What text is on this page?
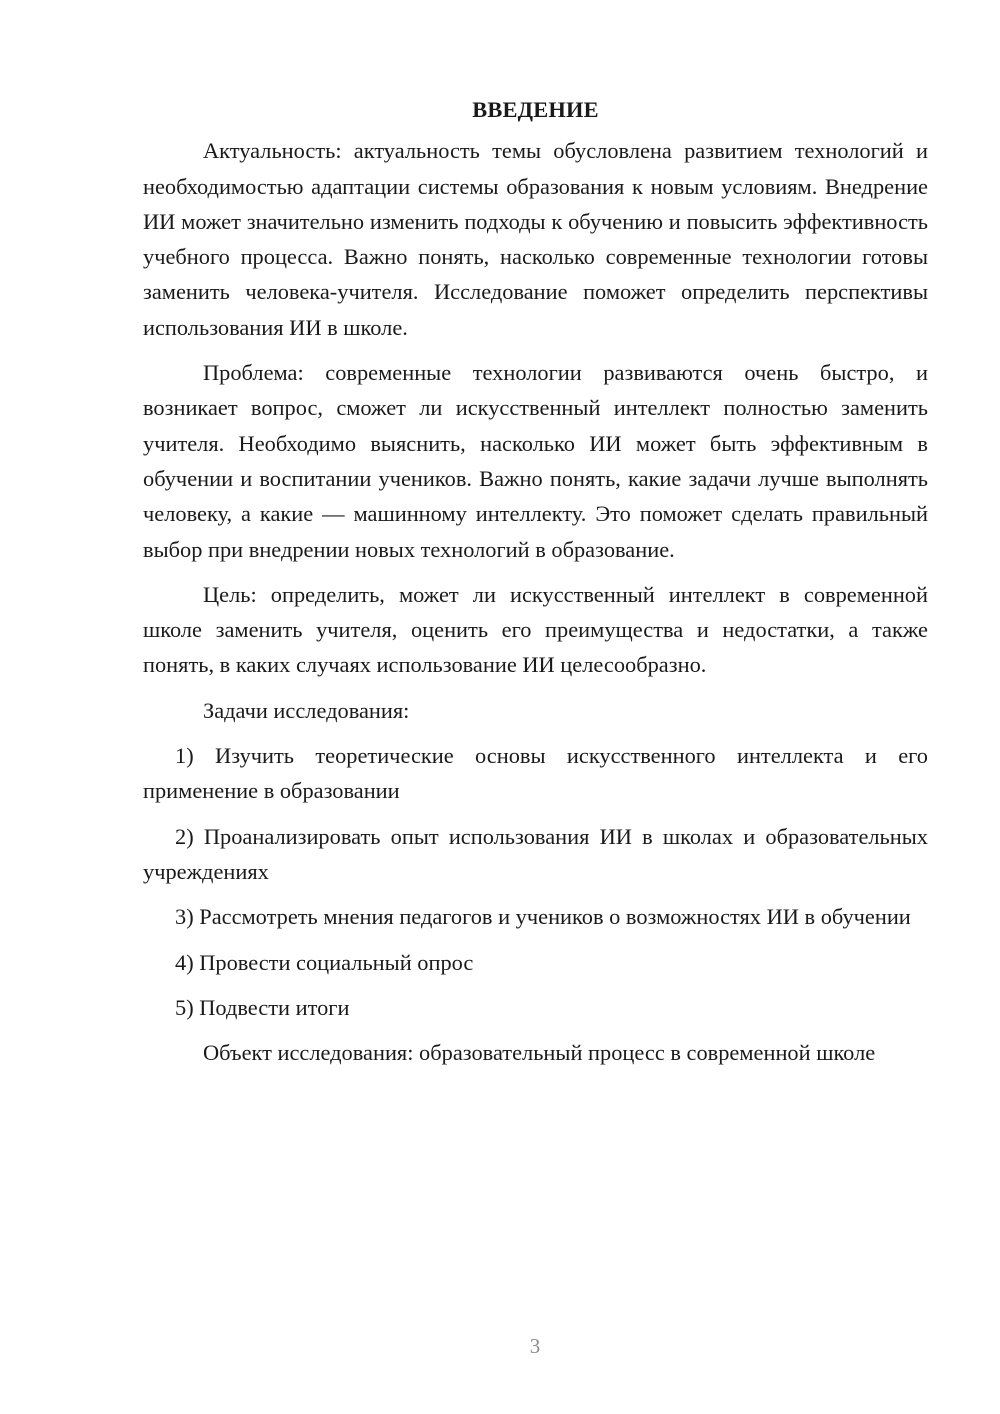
ВВЕДЕНИЕ
Актуальность: актуальность темы обусловлена развитием технологий и необходимостью адаптации системы образования к новым условиям. Внедрение ИИ может значительно изменить подходы к обучению и повысить эффективность учебного процесса. Важно понять, насколько современные технологии готовы заменить человека-учителя. Исследование поможет определить перспективы использования ИИ в школе.
Проблема: современные технологии развиваются очень быстро, и возникает вопрос, сможет ли искусственный интеллект полностью заменить учителя. Необходимо выяснить, насколько ИИ может быть эффективным в обучении и воспитании учеников. Важно понять, какие задачи лучше выполнять человеку, а какие — машинному интеллекту. Это поможет сделать правильный выбор при внедрении новых технологий в образование.
Цель: определить, может ли искусственный интеллект в современной школе заменить учителя, оценить его преимущества и недостатки, а также понять, в каких случаях использование ИИ целесообразно.
Задачи исследования:
1) Изучить теоретические основы искусственного интеллекта и его применение в образовании
2) Проанализировать опыт использования ИИ в школах и образовательных учреждениях
3) Рассмотреть мнения педагогов и учеников о возможностях ИИ в обучении
4) Провести социальный опрос
5) Подвести итоги
Объект исследования: образовательный процесс в современной школе
3
